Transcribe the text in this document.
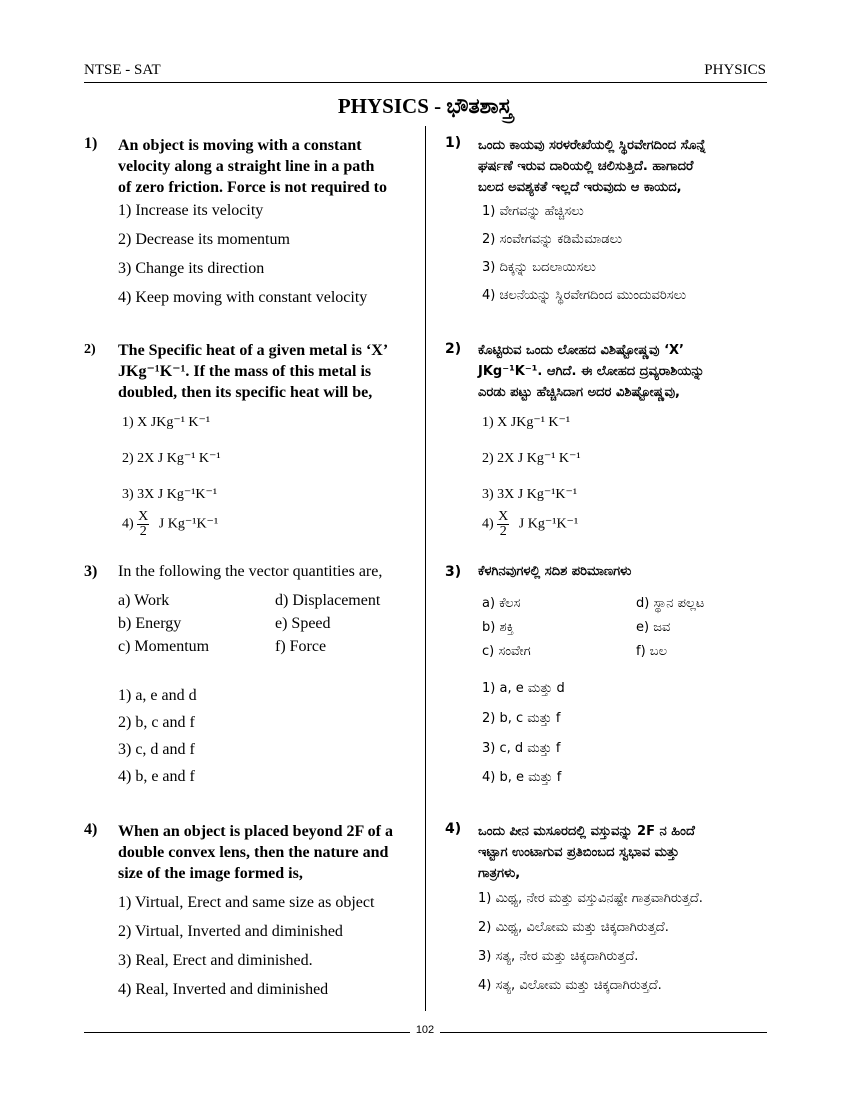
NTSE - SAT	PHYSICS
PHYSICS - ಭೌತಶಾಸ್ತ್ರ
1) An object is moving with a constant
velocity along a straight line in a path
of zero friction. Force is not required to
1) Increase its velocity
2) Decrease its momentum
3) Change its direction
4) Keep moving with constant velocity
2) The Specific heat of a given metal is ‘X’
JKg⁻¹K⁻¹. If the mass of this metal is
doubled, then its specific heat will be,
1) X JKg⁻¹ K⁻¹
2) 2X J Kg⁻¹ K⁻¹
3) 3X J Kg⁻¹K⁻¹
$4) \frac{X}{2}$ J Kg⁻¹K⁻¹
3) In the following the vector quantities are,
a) Work
b) Energy
c) Momentum
d) Displacement
e) Speed
f) Force
1) a, e and d
2) b, c and f
3) c, d and f
4) b, e and f
4) When an object is placed beyond 2F of a
double convex lens, then the nature and
size of the image formed is,
1) Virtual, Erect and same size as object
2) Virtual, Inverted and diminished
3) Real, Erect and diminished.
4) Real, Inverted and diminished
1) ಒಂದು ಕಾಯವು ಸರಳರೇಖೆಯಲ್ಲಿ ಸ್ಥಿರವೇಗದಿಂದ ಸೊನ್ನೆ
ಘರ್ಷಣೆ ಇರುವ ದಾರಿಯಲ್ಲಿ ಚಲಿಸುತ್ತಿದೆ. ಹಾಗಾದರೆ
ಬಲದ ಅವಶ್ಯಕತೆ ಇಲ್ಲದೆ ಇರುವುದು ಆ ಕಾಯದ,
1) ವೇಗವನ್ನು ಹೆಚ್ಚಿಸಲು
2) ಸಂವೇಗವನ್ನು ಕಡಿಮೆಮಾಡಲು
3) ದಿಕ್ಕನ್ನು ಬದಲಾಯಿಸಲು
4) ಚಲನೆಯನ್ನು ಸ್ಥಿರವೇಗದಿಂದ ಮುಂದುವರಿಸಲು
2) ಕೊಟ್ಟಿರುವ ಒಂದು ಲೋಹದ ವಿಶಿಷ್ಟೋಷ್ಣವು ‘X’
JKg⁻¹K⁻¹. ಆಗಿದೆ. ಈ ಲೋಹದ ದ್ರವ್ಯರಾಶಿಯನ್ನು
ಎರಡು ಪಟ್ಟು ಹೆಚ್ಚಿಸಿದಾಗ ಅದರ ವಿಶಿಷ್ಟೋಷ್ಣವು,
1) X JKg⁻¹ K⁻¹
2) 2X J Kg⁻¹ K⁻¹
3) 3X J Kg⁻¹K⁻¹
$4) \frac{X}{2}$ J Kg⁻¹K⁻¹
3) ಕೆಳಗಿನವುಗಳಲ್ಲಿ ಸದಿಶ ಪರಿಮಾಣಗಳು
a) ಕೆಲಸ
b) ಶಕ್ತಿ
c) ಸಂವೇಗ
d) ಸ್ಥಾನ ಪಲ್ಲಟ
e) ಜವ
f) ಬಲ
1) a, e ಮತ್ತು d
2) b, c ಮತ್ತು f
3) c, d ಮತ್ತು f
4) b, e ಮತ್ತು f
4) ಒಂದು ಪೀನ ಮಸೂರದಲ್ಲಿ ವಸ್ತುವನ್ನು 2F ನ ಹಿಂದೆ
ಇಟ್ಟಾಗ ಉಂಟಾಗುವ ಪ್ರತಿಬಿಂಬದ ಸ್ವಭಾವ ಮತ್ತು
ಗಾತ್ರಗಳು,
1) ಮಿಥ್ಯ, ನೇರ ಮತ್ತು ವಸ್ತುವಿನಷ್ಟೇ ಗಾತ್ರವಾಗಿರುತ್ತದೆ.
2) ಮಿಥ್ಯ, ವಿಲೋಮ ಮತ್ತು ಚಿಕ್ಕದಾಗಿರುತ್ತದೆ.
3) ಸತ್ಯ, ನೇರ ಮತ್ತು ಚಿಕ್ಕದಾಗಿರುತ್ತದೆ.
4) ಸತ್ಯ, ವಿಲೋಮ ಮತ್ತು ಚಿಕ್ಕದಾಗಿರುತ್ತದೆ.
102
